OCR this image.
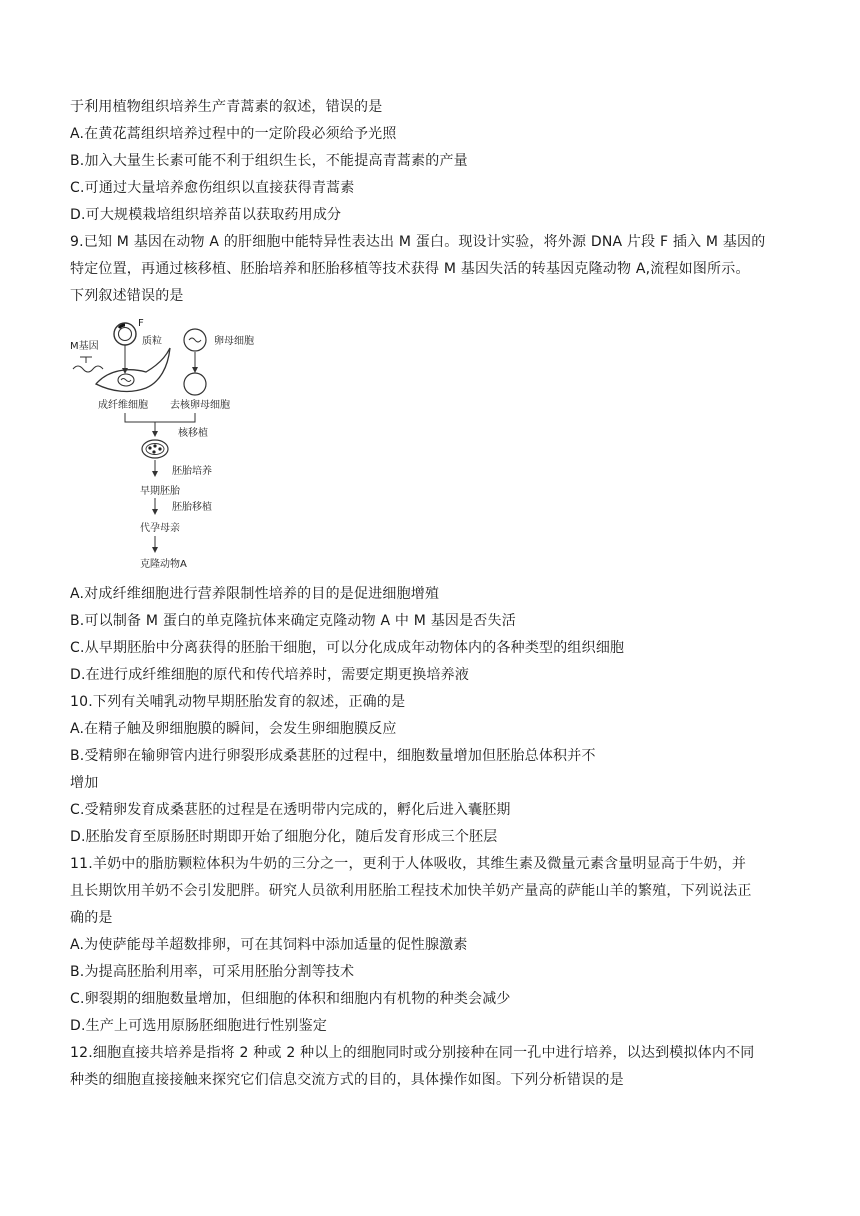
于利用植物组织培养生产青蒿素的叙述，错误的是
A.在黄花蒿组织培养过程中的一定阶段必须给予光照
B.加入大量生长素可能不利于组织生长，不能提高青蒿素的产量
C.可通过大量培养愈伤组织以直接获得青蒿素
D.可大规模栽培组织培养苗以获取药用成分
9.已知 M 基因在动物 A 的肝细胞中能特异性表达出 M 蛋白。现设计实验，将外源 DNA 片段 F 插入 M 基因的
特定位置，再通过核移植、胚胎培养和胚胎移植等技术获得 M 基因失活的转基因克隆动物 A,流程如图所示。
下列叙述错误的是
F
质粒	卵母细胞
M基因
成纤维细胞 去核卵母细胞
核移植
胚胎培养
早期胚胎
胚胎移植
代孕母亲
克隆动物A
A.对成纤维细胞进行营养限制性培养的目的是促进细胞增殖
B.可以制备 M 蛋白的单克隆抗体来确定克隆动物 A 中 M 基因是否失活
C.从早期胚胎中分离获得的胚胎干细胞，可以分化成成年动物体内的各种类型的组织细胞
D.在进行成纤维细胞的原代和传代培养时，需要定期更换培养液
10.下列有关哺乳动物早期胚胎发育的叙述，正确的是
A.在精子触及卵细胞膜的瞬间，会发生卵细胞膜反应
B.受精卵在输卵管内进行卵裂形成桑葚胚的过程中，细胞数量增加但胚胎总体积并不
增加
C.受精卵发育成桑葚胚的过程是在透明带内完成的，孵化后进入囊胚期
D.胚胎发育至原肠胚时期即开始了细胞分化，随后发育形成三个胚层
11.羊奶中的脂肪颗粒体积为牛奶的三分之一，更利于人体吸收，其维生素及微量元素含量明显高于牛奶，并
且长期饮用羊奶不会引发肥胖。研究人员欲利用胚胎工程技术加快羊奶产量高的萨能山羊的繁殖，下列说法正
确的是
A.为使萨能母羊超数排卵，可在其饲料中添加适量的促性腺激素
B.为提高胚胎利用率，可采用胚胎分割等技术
C.卵裂期的细胞数量增加，但细胞的体积和细胞内有机物的种类会减少
D.生产上可选用原肠胚细胞进行性别鉴定
12.细胞直接共培养是指将 2 种或 2 种以上的细胞同时或分别接种在同一孔中进行培养，以达到模拟体内不同
种类的细胞直接接触来探究它们信息交流方式的目的，具体操作如图。下列分析错误的是
